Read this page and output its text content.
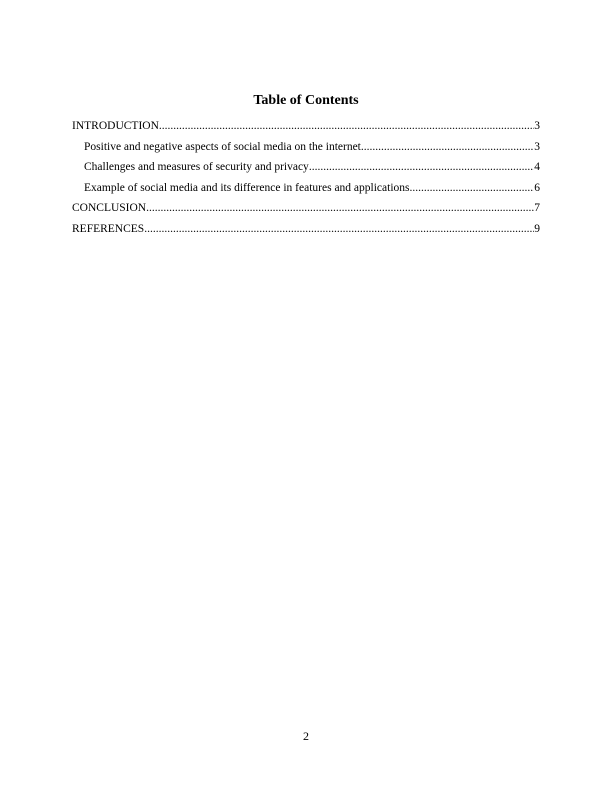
Table of Contents
INTRODUCTION .....	3
Positive and negative aspects of social media on the internet .....	3
Challenges and measures of security and privacy .....	4
Example of social media and its difference in features and applications .....	6
CONCLUSION .....	7
REFERENCES .....	9
2
